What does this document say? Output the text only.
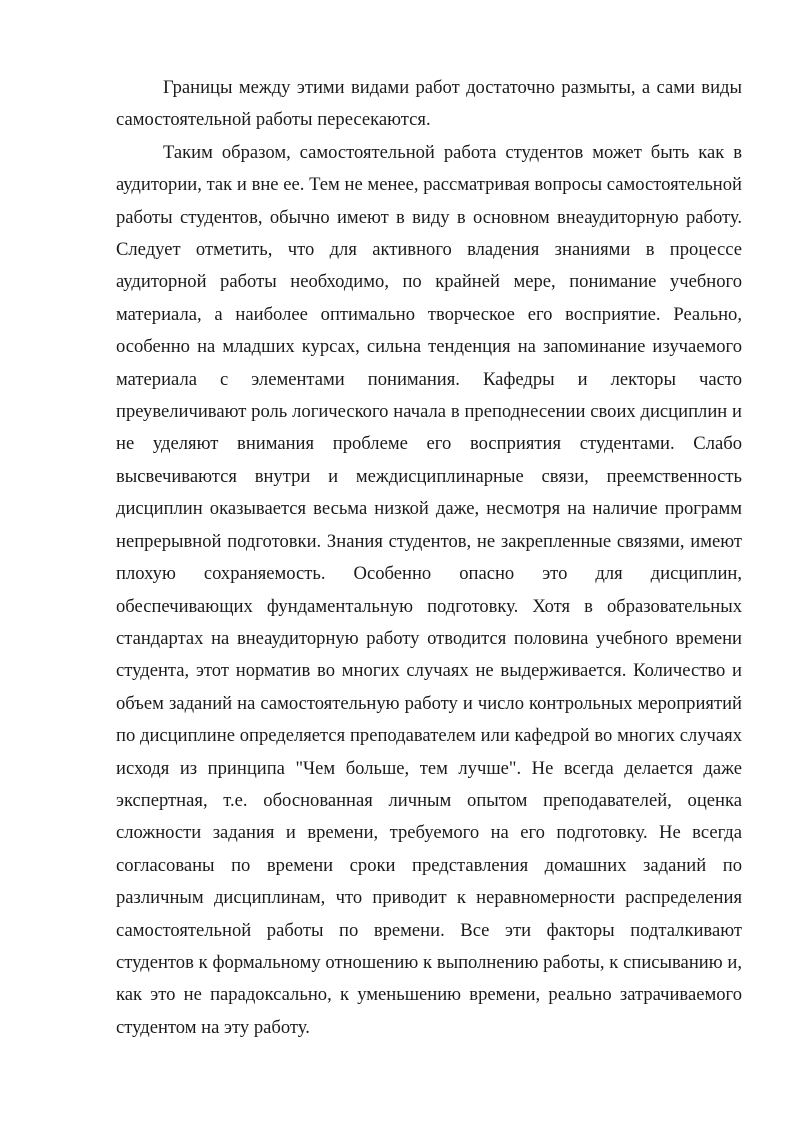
Границы между этими видами работ достаточно размыты, а сами виды самостоятельной работы пересекаются.

Таким образом, самостоятельной работа студентов может быть как в аудитории, так и вне ее. Тем не менее, рассматривая вопросы самостоятельной работы студентов, обычно имеют в виду в основном внеаудиторную работу. Следует отметить, что для активного владения знаниями в процессе аудиторной работы необходимо, по крайней мере, понимание учебного материала, а наиболее оптимально творческое его восприятие. Реально, особенно на младших курсах, сильна тенденция на запоминание изучаемого материала с элементами понимания. Кафедры и лекторы часто преувеличивают роль логического начала в преподнесении своих дисциплин и не уделяют внимания проблеме его восприятия студентами. Слабо высвечиваются внутри и междисциплинарные связи, преемственность дисциплин оказывается весьма низкой даже, несмотря на наличие программ непрерывной подготовки. Знания студентов, не закрепленные связями, имеют плохую сохраняемость. Особенно опасно это для дисциплин, обеспечивающих фундаментальную подготовку. Хотя в образовательных стандартах на внеаудиторную работу отводится половина учебного времени студента, этот норматив во многих случаях не выдерживается. Количество и объем заданий на самостоятельную работу и число контрольных мероприятий по дисциплине определяется преподавателем или кафедрой во многих случаях исходя из принципа "Чем больше, тем лучше". Не всегда делается даже экспертная, т.е. обоснованная личным опытом преподавателей, оценка сложности задания и времени, требуемого на его подготовку. Не всегда согласованы по времени сроки представления домашних заданий по различным дисциплинам, что приводит к неравномерности распределения самостоятельной работы по времени. Все эти факторы подталкивают студентов к формальному отношению к выполнению работы, к списыванию и, как это не парадоксально, к уменьшению времени, реально затрачиваемого студентом на эту работу.
